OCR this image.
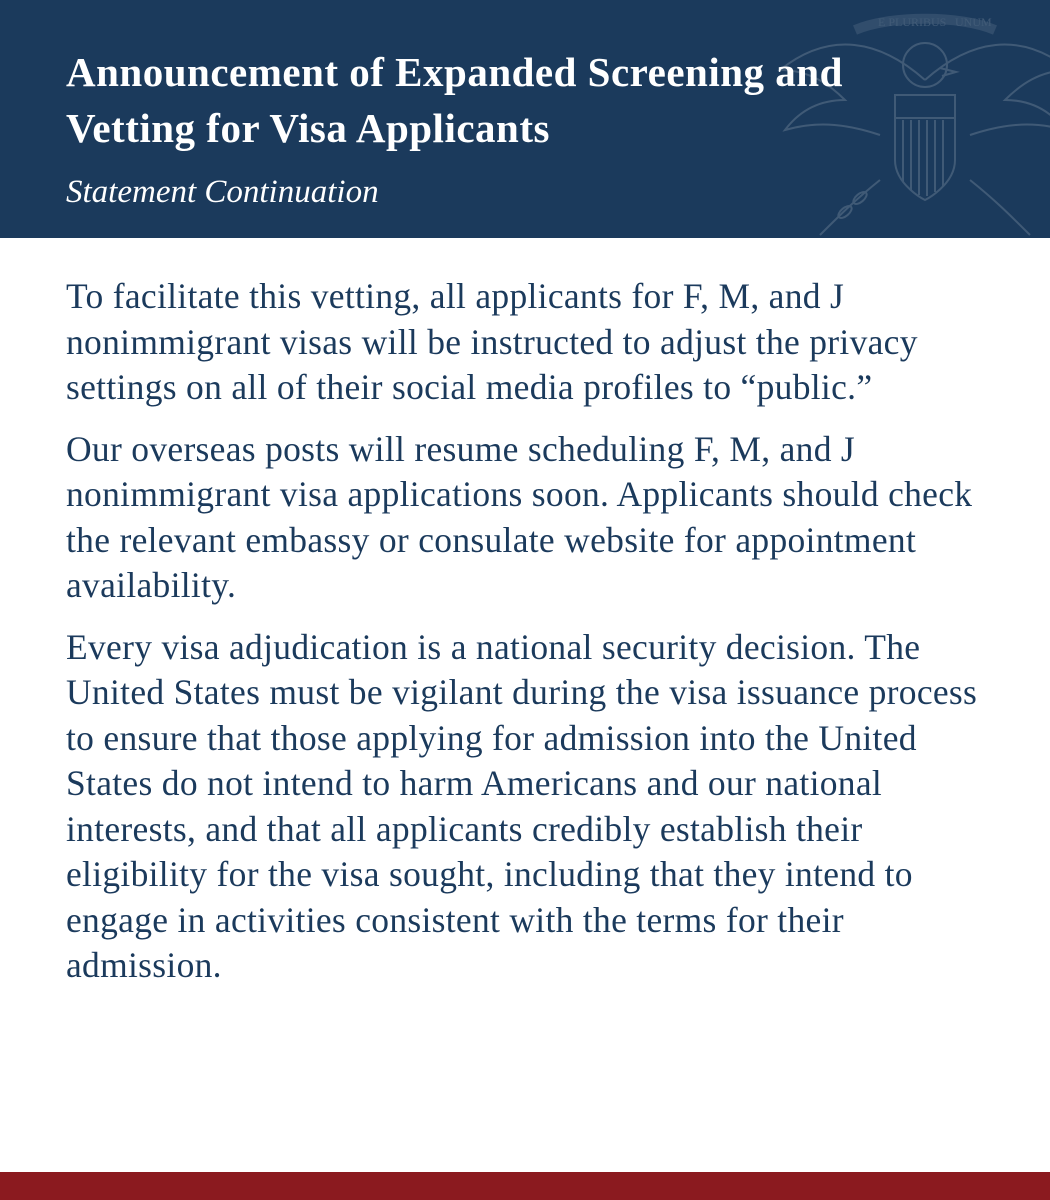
E PLURIBUS UNUM
Announcement of Expanded Screening and Vetting for Visa Applicants

Statement Continuation

To facilitate this vetting, all applicants for F, M, and J nonimmigrant visas will be instructed to adjust the privacy settings on all of their social media profiles to “public.”

Our overseas posts will resume scheduling F, M, and J nonimmigrant visa applications soon. Applicants should check the relevant embassy or consulate website for appointment availability.

Every visa adjudication is a national security decision. The United States must be vigilant during the visa issuance process to ensure that those applying for admission into the United States do not intend to harm Americans and our national interests, and that all applicants credibly establish their eligibility for the visa sought, including that they intend to engage in activities consistent with the terms for their admission.
